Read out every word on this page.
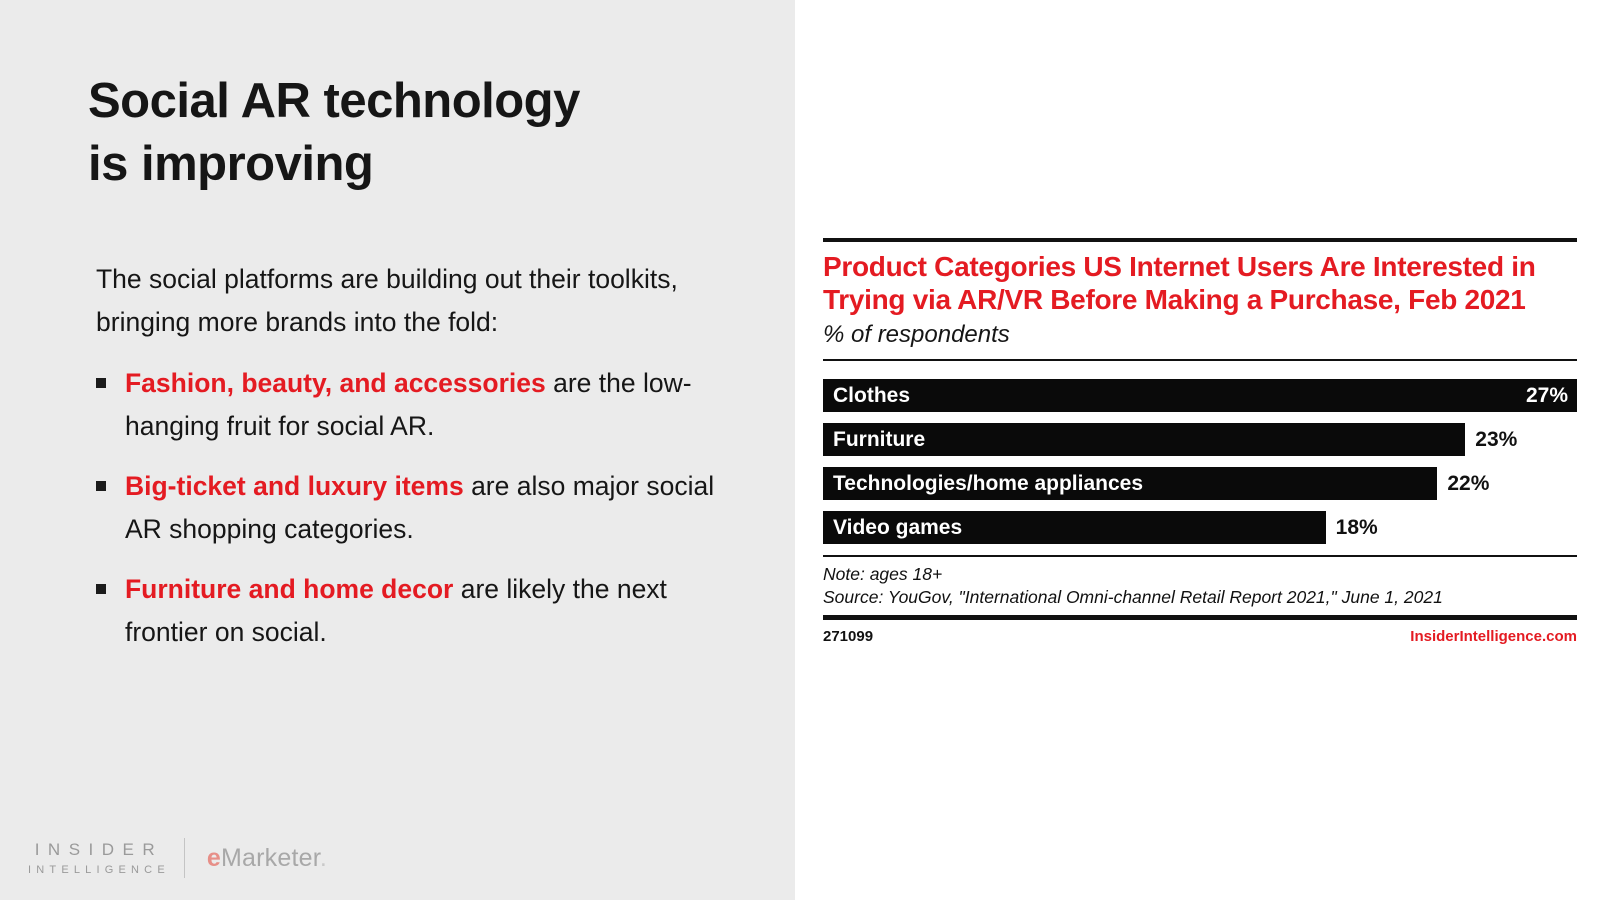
Social AR technology
is improving

The social platforms are building out their toolkits, bringing more brands into the fold:

Fashion, beauty, and accessories are the low-hanging fruit for social AR.
Big-ticket and luxury items are also major social AR shopping categories.
Furniture and home decor are likely the next frontier on social.
INSIDER
INTELLIGENCE eMarketer.
Product Categories US Internet Users Are Interested in Trying via AR/VR Before Making a Purchase, Feb 2021
% of respondents
Clothes	27%
Furniture	23%
Technologies/home appliances	22%
Video games	18%
Note: ages 18+
Source: YouGov, "International Omni-channel Retail Report 2021," June 1, 2021
271099	InsiderIntelligence.com
